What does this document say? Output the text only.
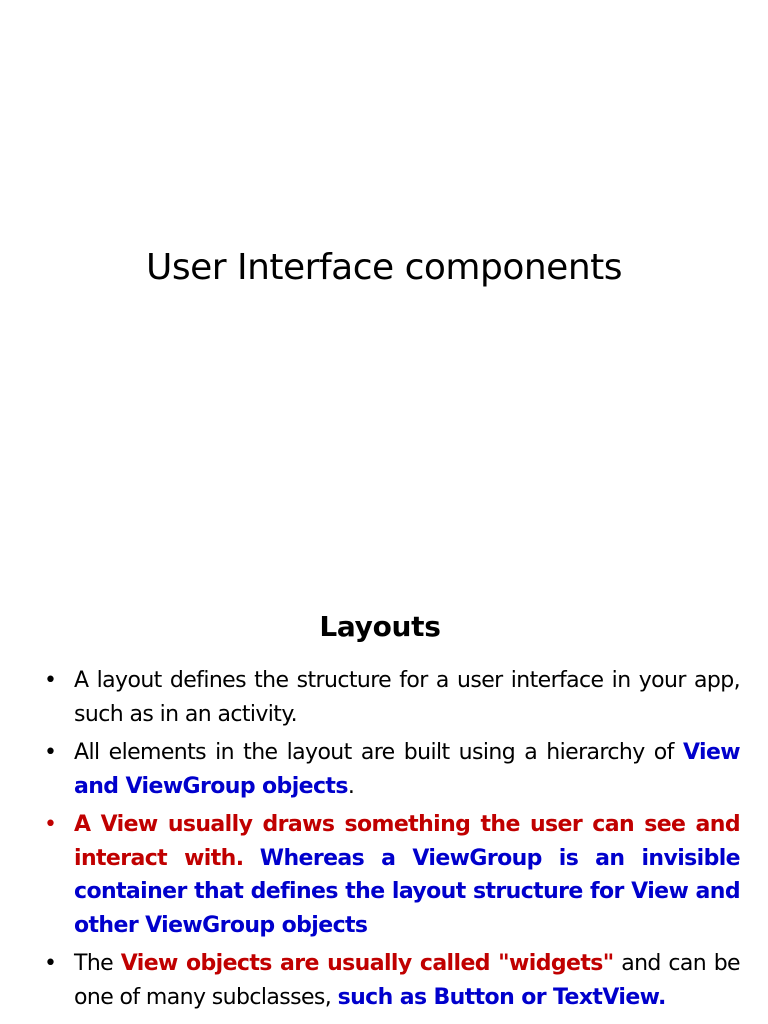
User Interface components
Layouts
• A layout defines the structure for a user interface in your app, such as in an activity.
• All elements in the layout are built using a hierarchy of View and ViewGroup objects.
• A View usually draws something the user can see and interact with. Whereas a ViewGroup is an invisible container that defines the layout structure for View and other ViewGroup objects
• The View objects are usually called "widgets" and can be one of many subclasses, such as Button or TextView.
